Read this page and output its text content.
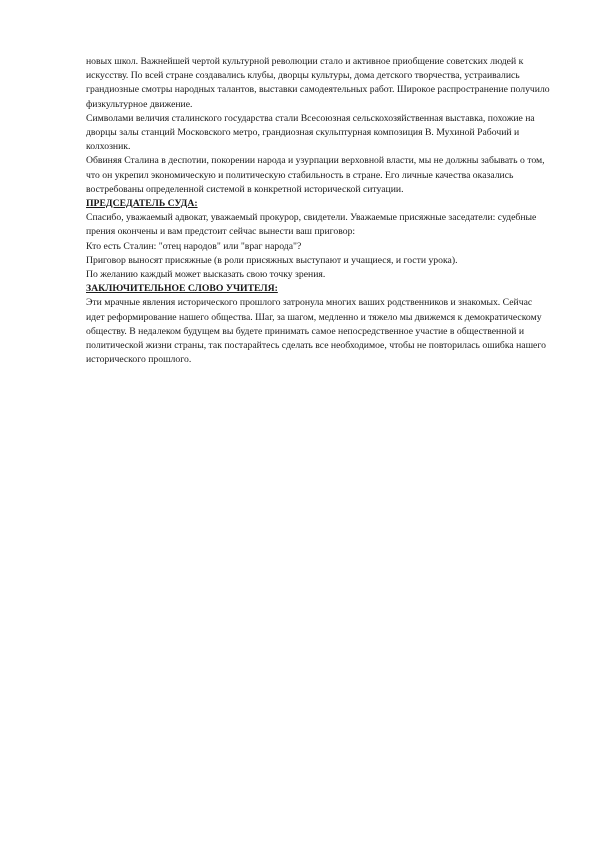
новых школ. Важнейшей чертой культурной революции стало и активное приобщение советских людей к искусству. По всей стране создавались клубы, дворцы культуры, дома детского творчества, устраивались грандиозные смотры народных талантов, выставки самодеятельных работ. Широкое распространение получило физкультурное движение.

Символами величия сталинского государства стали Всесоюзная сельскохозяйственная выставка, похожие на дворцы залы станций Московского метро, грандиозная скульптурная композиция В. Мухиной Рабочий и колхозник.

Обвиняя Сталина в деспотии, покорении народа и узурпации верховной власти, мы не должны забывать о том, что он укрепил экономическую и политическую стабильность в стране. Его личные качества оказались востребованы определенной системой в конкретной исторической ситуации.

ПРЕДСЕДАТЕЛЬ СУДА:

Спасибо, уважаемый адвокат, уважаемый прокурор, свидетели. Уважаемые присяжные заседатели: судебные прения окончены и вам предстоит сейчас вынести ваш приговор:

Кто есть Сталин: "отец народов" или "враг народа"?

Приговор выносят присяжные (в роли присяжных выступают и учащиеся, и гости урока).

По желанию каждый может высказать свою точку зрения.

ЗАКЛЮЧИТЕЛЬНОЕ СЛОВО УЧИТЕЛЯ:

Эти мрачные явления исторического прошлого затронула многих ваших родственников и знакомых. Сейчас идет реформирование нашего общества. Шаг, за шагом, медленно и тяжело мы движемся к демократическому обществу. В недалеком будущем вы будете принимать самое непосредственное участие в общественной и политической жизни страны, так постарайтесь сделать все необходимое, чтобы не повторилась ошибка нашего исторического прошлого.
